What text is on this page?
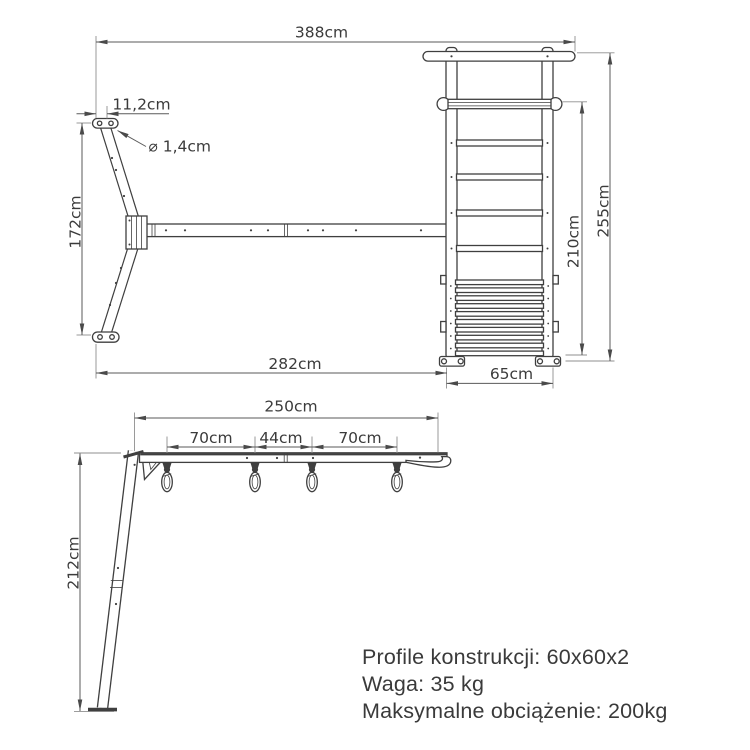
388cm
11,2cm
⌀ 1,4cm
172cm
282cm
65cm
210cm
255cm
250cm
70cm 44cm 70cm
212cm
Profile konstrukcji: 60x60x2
Waga: 35 kg
Maksymalne obciążenie: 200kg
